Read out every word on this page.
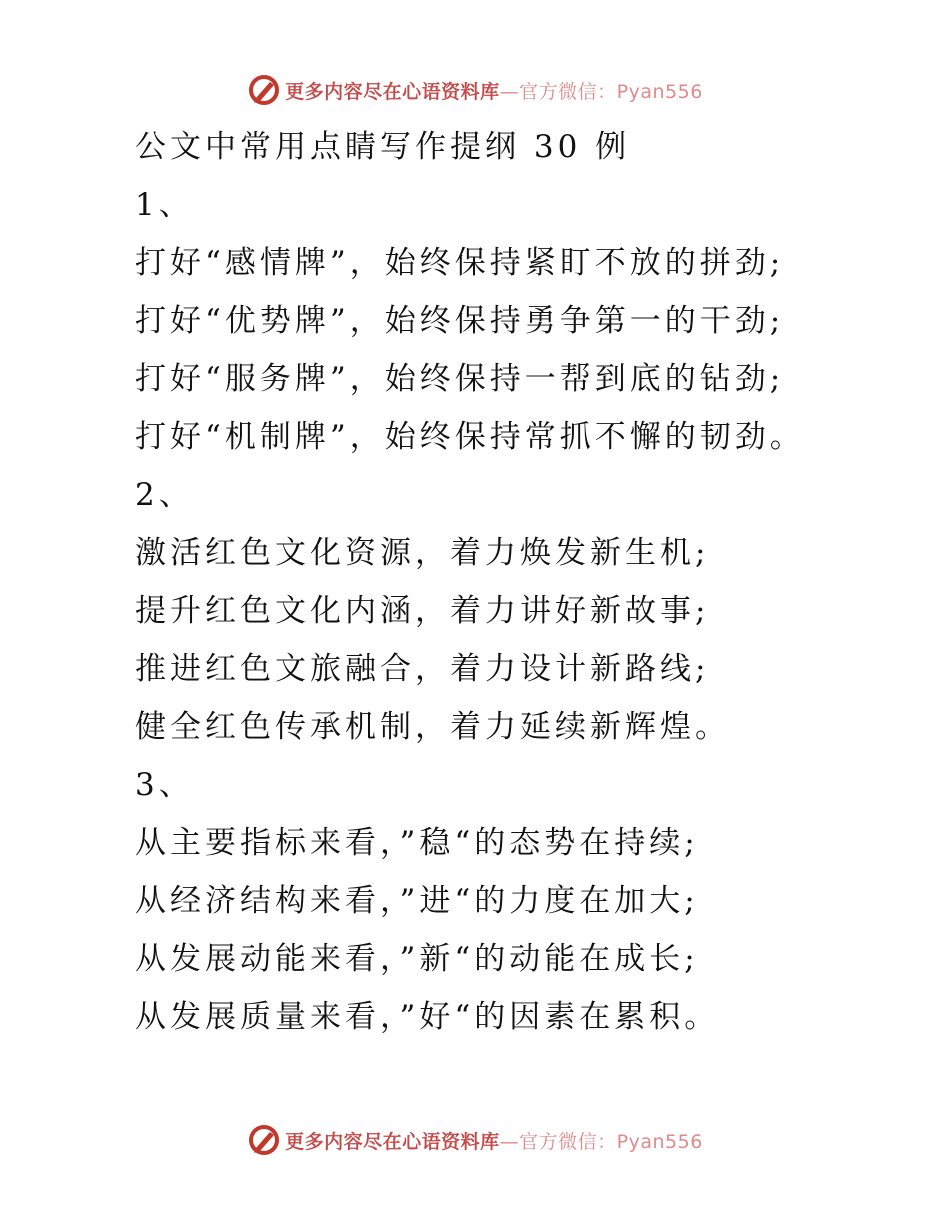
更多内容尽在心语资料库—官方微信：Pyan556
公文中常用点睛写作提纲 30 例
1、
打好“感情牌”，始终保持紧盯不放的拼劲;
打好“优势牌”，始终保持勇争第一的干劲;
打好“服务牌”，始终保持一帮到底的钻劲;
打好“机制牌”，始终保持常抓不懈的韧劲。
2、
激活红色文化资源，着力焕发新生机;
提升红色文化内涵，着力讲好新故事;
推进红色文旅融合，着力设计新路线;
健全红色传承机制，着力延续新辉煌。
3、
从主要指标来看，”稳“的态势在持续;
从经济结构来看，”进“的力度在加大;
从发展动能来看，”新“的动能在成长;
从发展质量来看，”好“的因素在累积。
更多内容尽在心语资料库—官方微信：Pyan556
